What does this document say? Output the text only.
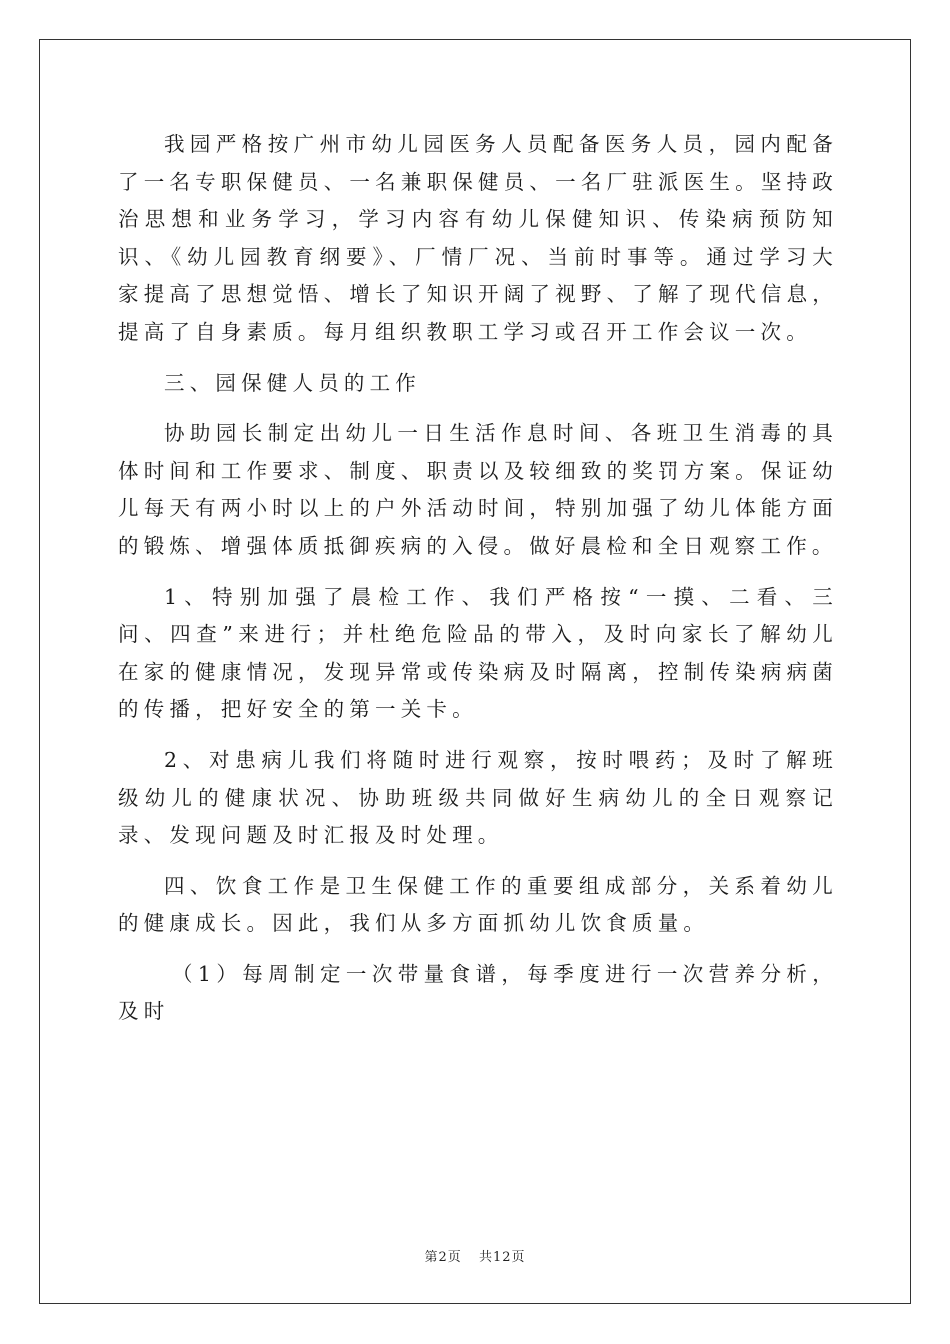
我园严格按广州市幼儿园医务人员配备医务人员，园内配备了一名专职保健员、一名兼职保健员、一名厂驻派医生。坚持政治思想和业务学习，学习内容有幼儿保健知识、传染病预防知识、《幼儿园教育纲要》、厂情厂况、当前时事等。通过学习大家提高了思想觉悟、增长了知识开阔了视野、了解了现代信息，提高了自身素质。每月组织教职工学习或召开工作会议一次。

三、园保健人员的工作

协助园长制定出幼儿一日生活作息时间、各班卫生消毒的具体时间和工作要求、制度、职责以及较细致的奖罚方案。保证幼儿每天有两小时以上的户外活动时间，特别加强了幼儿体能方面的锻炼、增强体质抵御疾病的入侵。做好晨检和全日观察工作。

1、特别加强了晨检工作、我们严格按“一摸、二看、三问、四查”来进行；并杜绝危险品的带入，及时向家长了解幼儿在家的健康情况，发现异常或传染病及时隔离，控制传染病病菌的传播，把好安全的第一关卡。

2、对患病儿我们将随时进行观察，按时喂药；及时了解班级幼儿的健康状况、协助班级共同做好生病幼儿的全日观察记录、发现问题及时汇报及时处理。

四、饮食工作是卫生保健工作的重要组成部分，关系着幼儿的健康成长。因此，我们从多方面抓幼儿饮食质量。

（1）每周制定一次带量食谱，每季度进行一次营养分析，及时

第2页 共12页
